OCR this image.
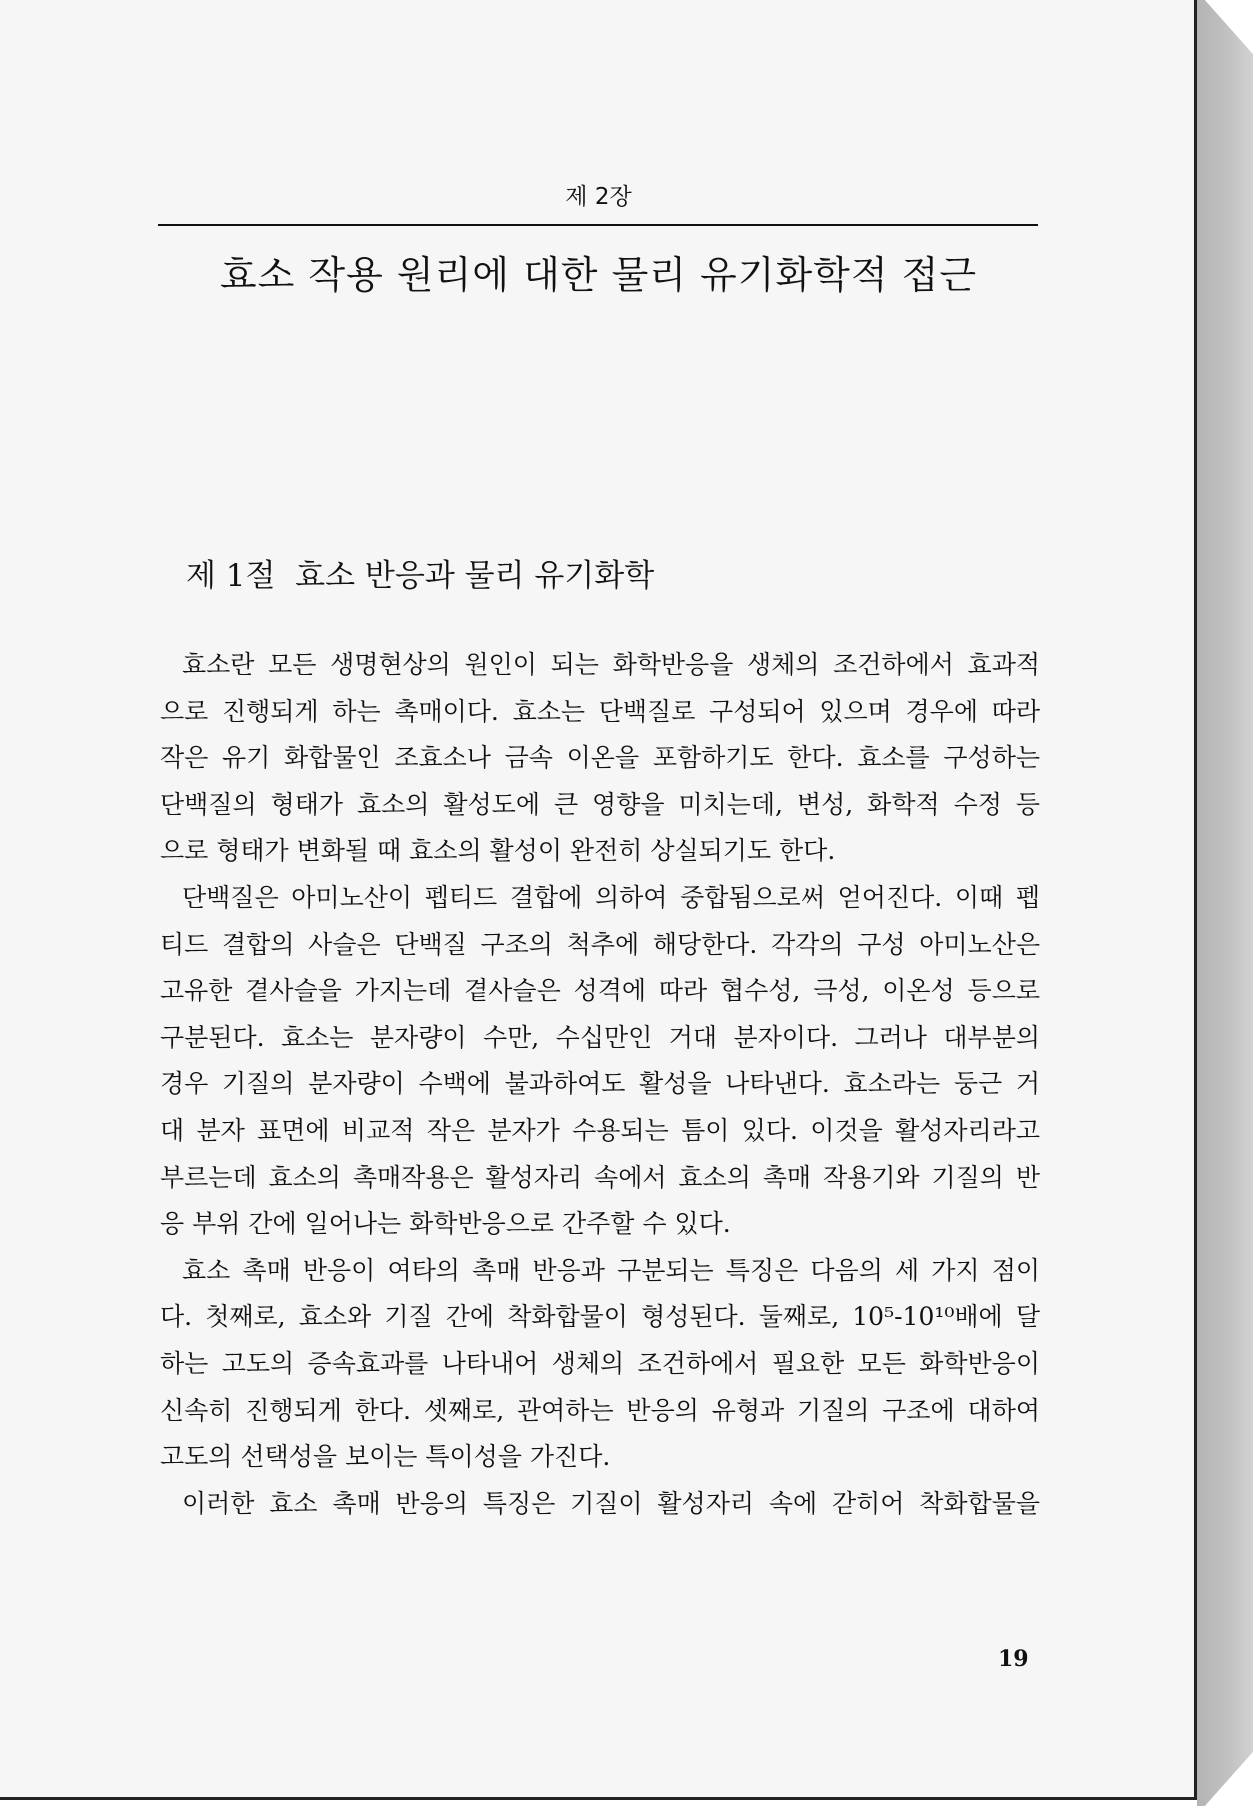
제 2장
효소 작용 원리에 대한 물리 유기화학적 접근
제 1절  효소 반응과 물리 유기화학
효소란 모든 생명현상의 원인이 되는 화학반응을 생체의 조건하에서 효과적
으로 진행되게 하는 촉매이다. 효소는 단백질로 구성되어 있으며 경우에 따라
작은 유기 화합물인 조효소나 금속 이온을 포함하기도 한다. 효소를 구성하는
단백질의 형태가 효소의 활성도에 큰 영향을 미치는데, 변성, 화학적 수정 등
으로 형태가 변화될 때 효소의 활성이 완전히 상실되기도 한다.
단백질은 아미노산이 펩티드 결합에 의하여 중합됨으로써 얻어진다. 이때 펩
티드 결합의 사슬은 단백질 구조의 척추에 해당한다. 각각의 구성 아미노산은
고유한 곁사슬을 가지는데 곁사슬은 성격에 따라 협수성, 극성, 이온성 등으로
구분된다. 효소는 분자량이 수만, 수십만인 거대 분자이다. 그러나 대부분의
경우 기질의 분자량이 수백에 불과하여도 활성을 나타낸다. 효소라는 둥근 거
대 분자 표면에 비교적 작은 분자가 수용되는 틈이 있다. 이것을 활성자리라고
부르는데 효소의 촉매작용은 활성자리 속에서 효소의 촉매 작용기와 기질의 반
응 부위 간에 일어나는 화학반응으로 간주할 수 있다.
효소 촉매 반응이 여타의 촉매 반응과 구분되는 특징은 다음의 세 가지 점이
다. 첫째로, 효소와 기질 간에 착화합물이 형성된다. 둘째로, 10⁵-10¹⁰배에 달
하는 고도의 증속효과를 나타내어 생체의 조건하에서 필요한 모든 화학반응이
신속히 진행되게 한다. 셋째로, 관여하는 반응의 유형과 기질의 구조에 대하여
고도의 선택성을 보이는 특이성을 가진다.
이러한 효소 촉매 반응의 특징은 기질이 활성자리 속에 갇히어 착화합물을
19
